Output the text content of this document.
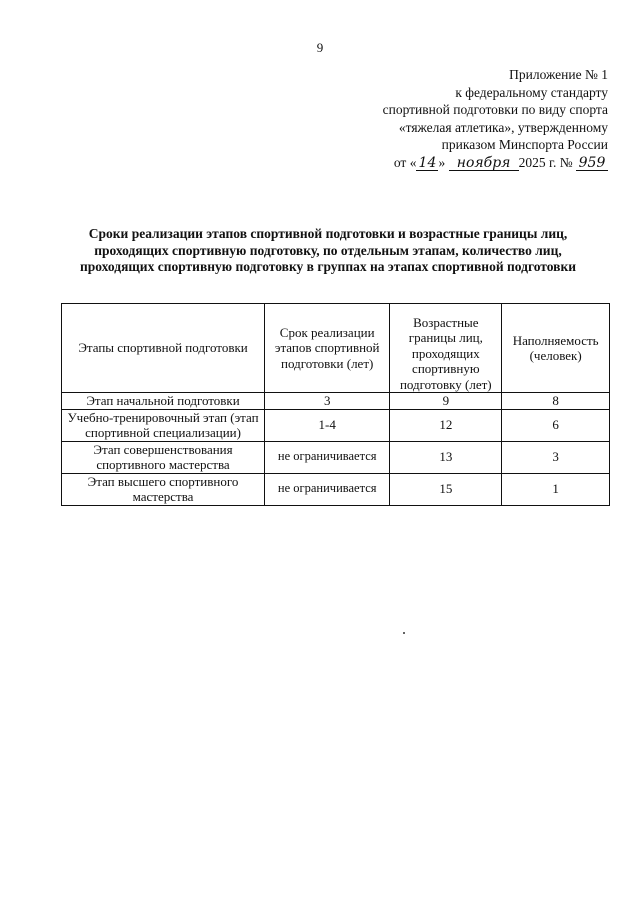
9
Приложение № 1
к федеральному стандарту
спортивной подготовки по виду спорта
«тяжелая атлетика», утвержденному
приказом Минспорта России
от « 14 » ноября 2025 г. № 959
Сроки реализации этапов спортивной подготовки и возрастные границы лиц, проходящих спортивную подготовку, по отдельным этапам, количество лиц, проходящих спортивную подготовку в группах на этапах спортивной подготовки
Этапы спортивной подготовки	Срок реализации этапов спортивной подготовки (лет)	Возрастные границы лиц, проходящих спортивную подготовку (лет)	Наполняемость (человек)
Этап начальной подготовки	3	9	8
Учебно-тренировочный этап (этап спортивной специализации)	1-4	12	6
Этап совершенствования спортивного мастерства	не ограничивается	13	3
Этап высшего спортивного мастерства	не ограничивается	15	1
